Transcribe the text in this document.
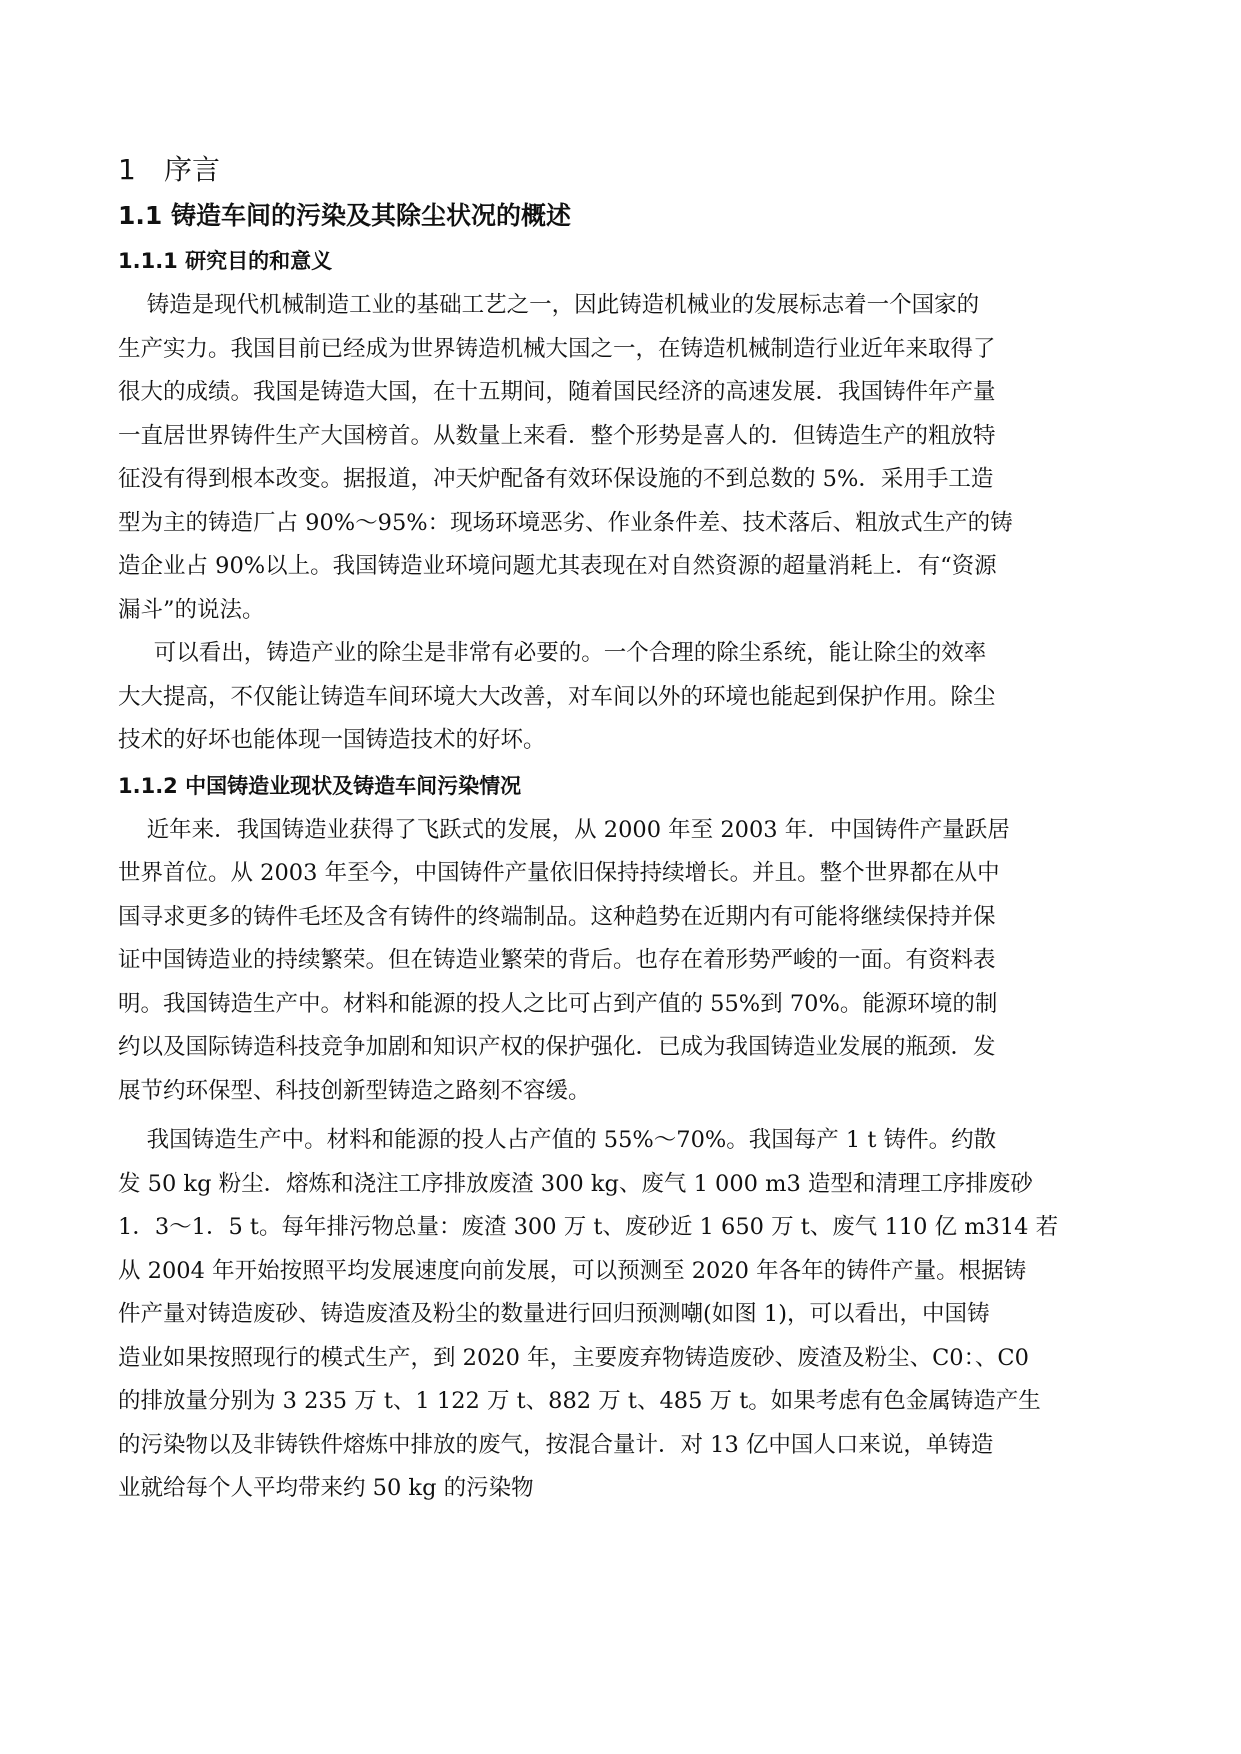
1 序言
1.1 铸造车间的污染及其除尘状况的概述
1.1.1 研究目的和意义
铸造是现代机械制造工业的基础工艺之一，因此铸造机械业的发展标志着一个国家的
生产实力。我国目前已经成为世界铸造机械大国之一，在铸造机械制造行业近年来取得了
很大的成绩。我国是铸造大国，在十五期间，随着国民经济的高速发展．我国铸件年产量
一直居世界铸件生产大国榜首。从数量上来看．整个形势是喜人的．但铸造生产的粗放特
征没有得到根本改变。据报道，冲天炉配备有效环保设施的不到总数的 5%．采用手工造
型为主的铸造厂占 90%～95%：现场环境恶劣、作业条件差、技术落后、粗放式生产的铸
造企业占 90%以上。我国铸造业环境问题尤其表现在对自然资源的超量消耗上．有“资源
漏斗”的说法。
可以看出，铸造产业的除尘是非常有必要的。一个合理的除尘系统，能让除尘的效率
大大提高，不仅能让铸造车间环境大大改善，对车间以外的环境也能起到保护作用。除尘
技术的好坏也能体现一国铸造技术的好坏。
1.1.2 中国铸造业现状及铸造车间污染情况
近年来．我国铸造业获得了飞跃式的发展，从 2000 年至 2003 年．中国铸件产量跃居
世界首位。从 2003 年至今，中国铸件产量依旧保持持续增长。并且。整个世界都在从中
国寻求更多的铸件毛坯及含有铸件的终端制品。这种趋势在近期内有可能将继续保持并保
证中国铸造业的持续繁荣。但在铸造业繁荣的背后。也存在着形势严峻的一面。有资料表
明。我国铸造生产中。材料和能源的投人之比可占到产值的 55%到 70%。能源环境的制
约以及国际铸造科技竞争加剧和知识产权的保护强化．已成为我国铸造业发展的瓶颈．发
展节约环保型、科技创新型铸造之路刻不容缓。
我国铸造生产中。材料和能源的投人占产值的 55%～70%。我国每产 1 t 铸件。约散
发 50 kg 粉尘．熔炼和浇注工序排放废渣 300 kg、废气 1 000 m3 造型和清理工序排废砂
1．3～1．5 t。每年排污物总量：废渣 300 万 t、废砂近 1 650 万 t、废气 110 亿 m314 若
从 2004 年开始按照平均发展速度向前发展，可以预测至 2020 年各年的铸件产量。根据铸
件产量对铸造废砂、铸造废渣及粉尘的数量进行回归预测嘲(如图 1)，可以看出，中国铸
造业如果按照现行的模式生产，到 2020 年，主要废弃物铸造废砂、废渣及粉尘、C0：、C0
的排放量分别为 3 235 万 t、1 122 万 t、882 万 t、485 万 t。如果考虑有色金属铸造产生
的污染物以及非铸铁件熔炼中排放的废气，按混合量计．对 13 亿中国人口来说，单铸造
业就给每个人平均带来约 50 kg 的污染物
